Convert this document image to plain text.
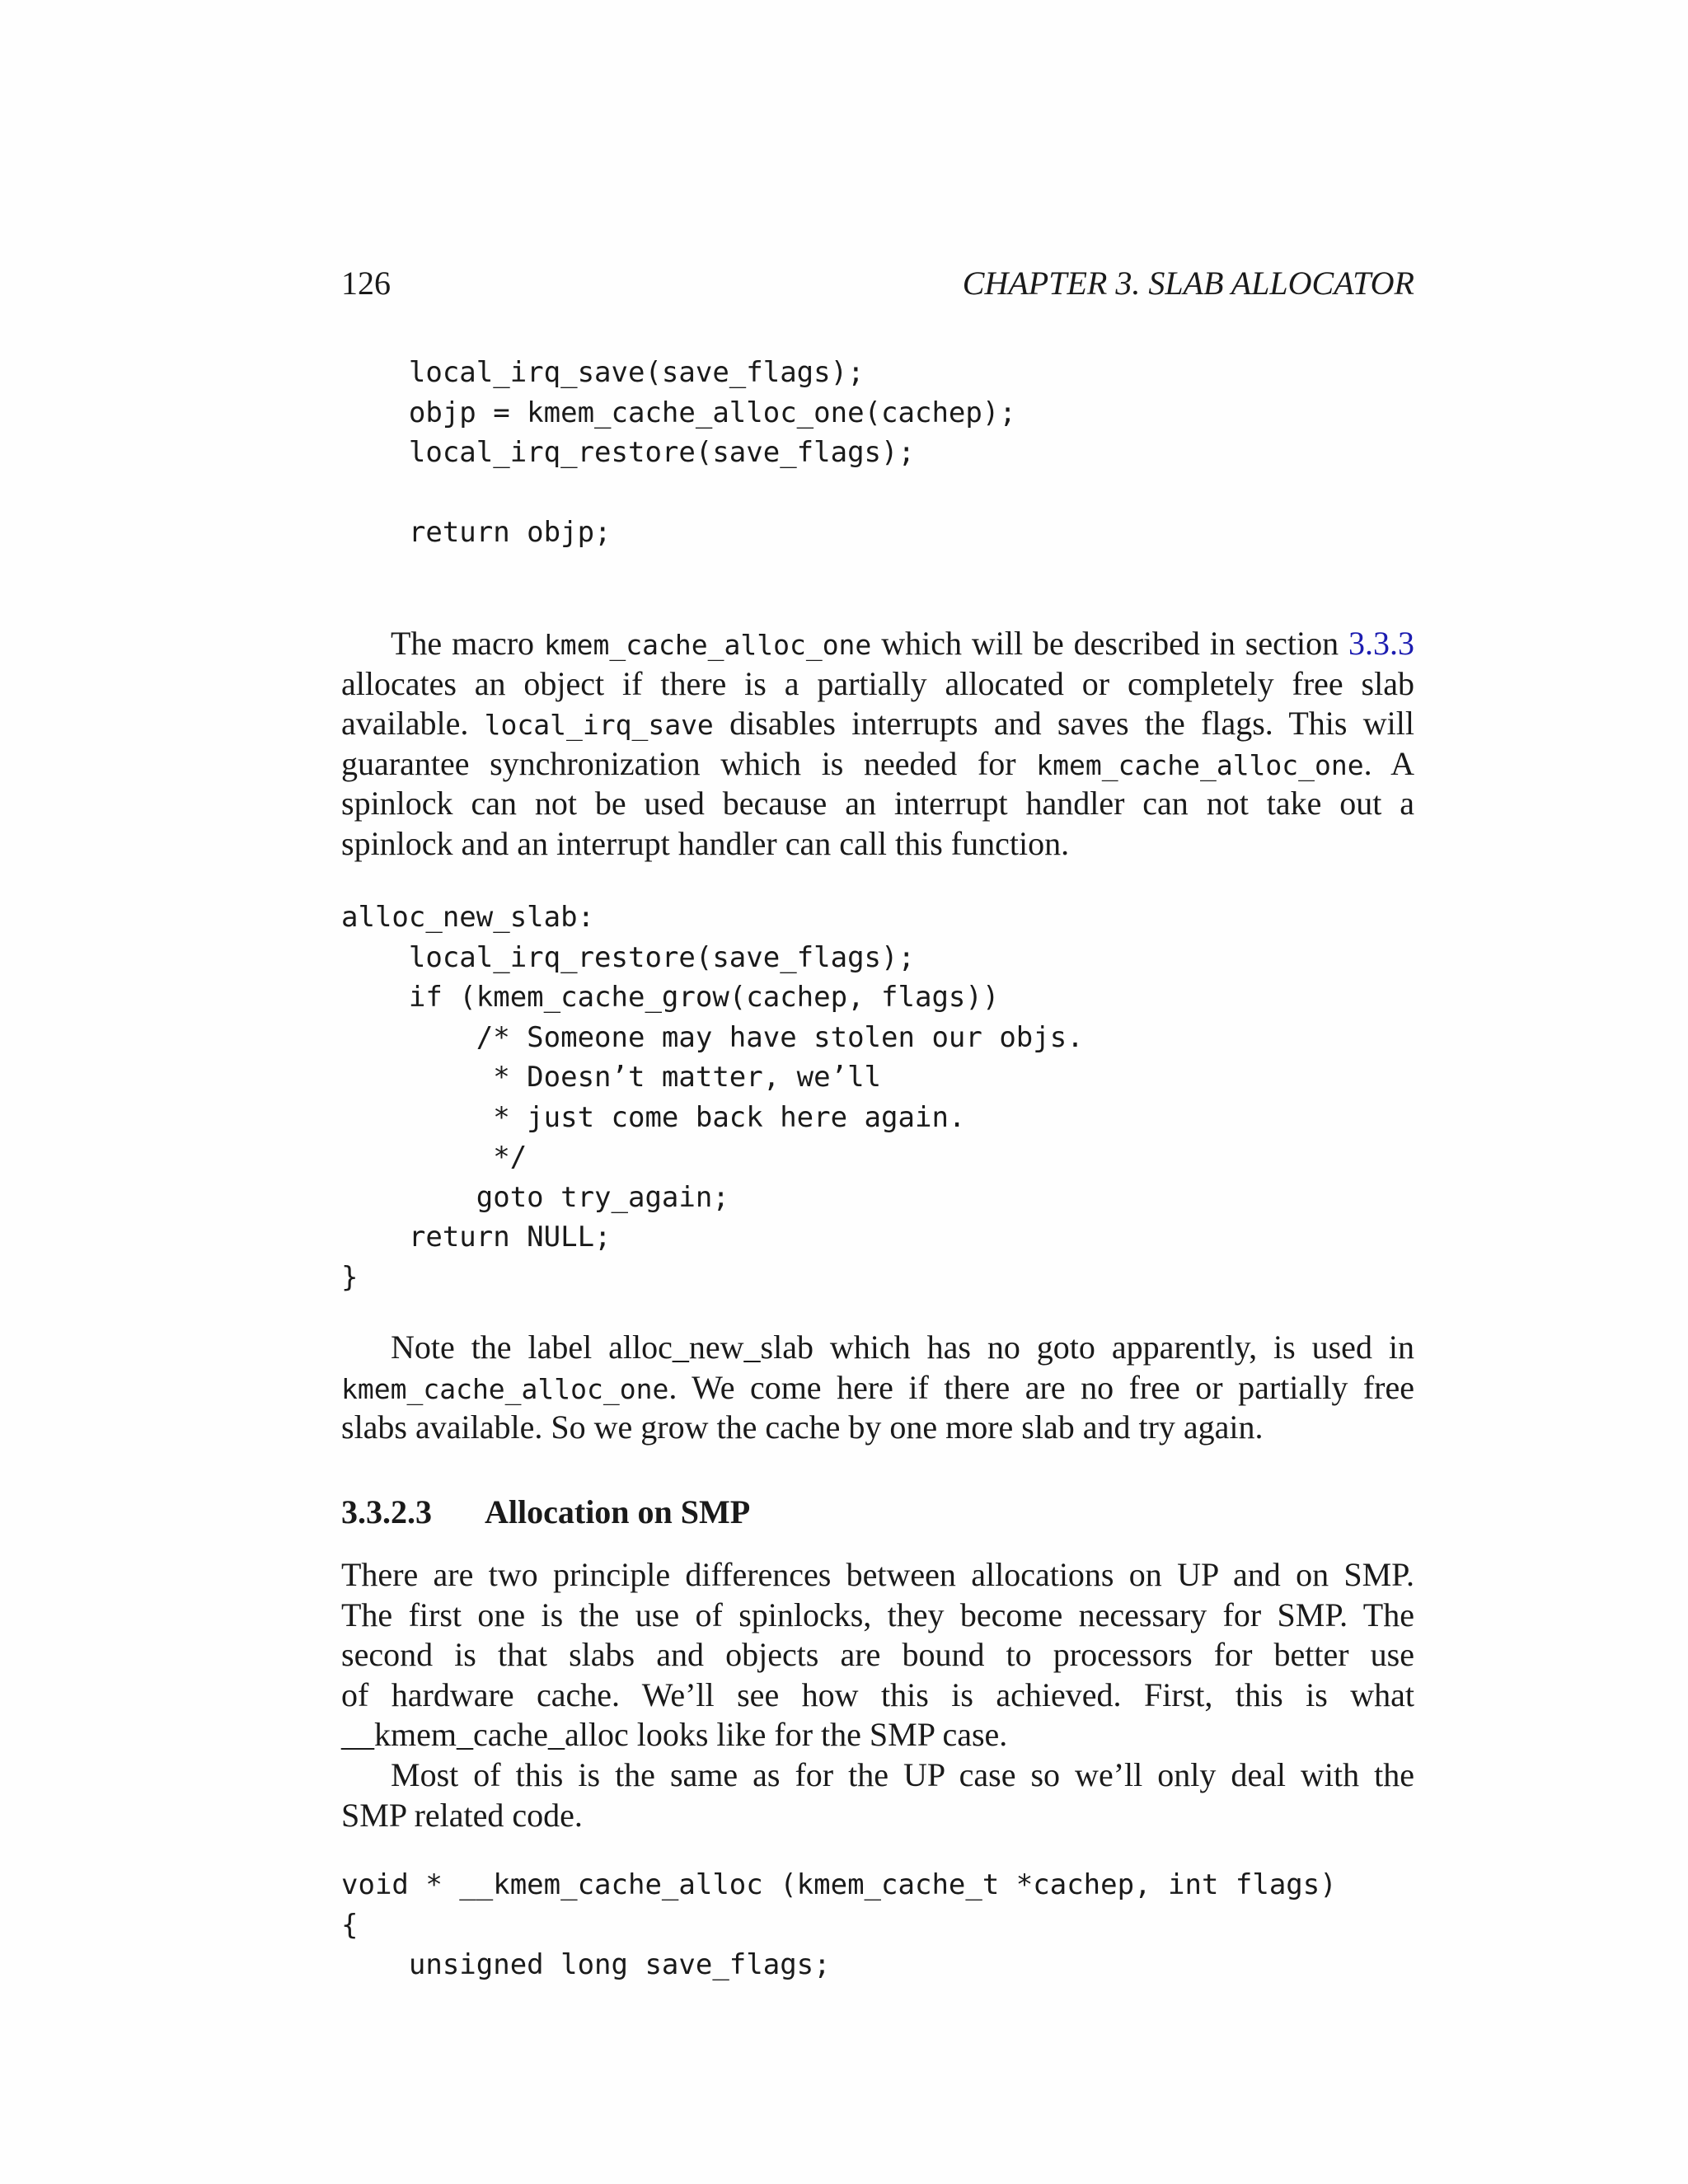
126	CHAPTER 3. SLAB ALLOCATOR
local_irq_save(save_flags);
objp = kmem_cache_alloc_one(cachep);
local_irq_restore(save_flags);
return objp;
The macro kmem_cache_alloc_one which will be described in section 3.3.3
allocates an object if there is a partially allocated or completely free slab
available. local_irq_save disables interrupts and saves the flags. This will
guarantee synchronization which is needed for kmem_cache_alloc_one. A
spinlock can not be used because an interrupt handler can not take out a
spinlock and an interrupt handler can call this function.
alloc_new_slab:
local_irq_restore(save_flags);
if (kmem_cache_grow(cachep, flags))
/* Someone may have stolen our objs.
* Doesn’t matter, we’ll
* just come back here again.
*/
goto try_again;
return NULL;
}
Note the label alloc_new_slab which has no goto apparently, is used in
kmem_cache_alloc_one. We come here if there are no free or partially free
slabs available. So we grow the cache by one more slab and try again.
3.3.2.3 Allocation on SMP
There are two principle differences between allocations on UP and on SMP.
The first one is the use of spinlocks, they become necessary for SMP. The
second is that slabs and objects are bound to processors for better use
of hardware cache. We’ll see how this is achieved. First, this is what
__kmem_cache_alloc looks like for the SMP case.
Most of this is the same as for the UP case so we’ll only deal with the
SMP related code.
void * __kmem_cache_alloc (kmem_cache_t *cachep, int flags)
{
unsigned long save_flags;
